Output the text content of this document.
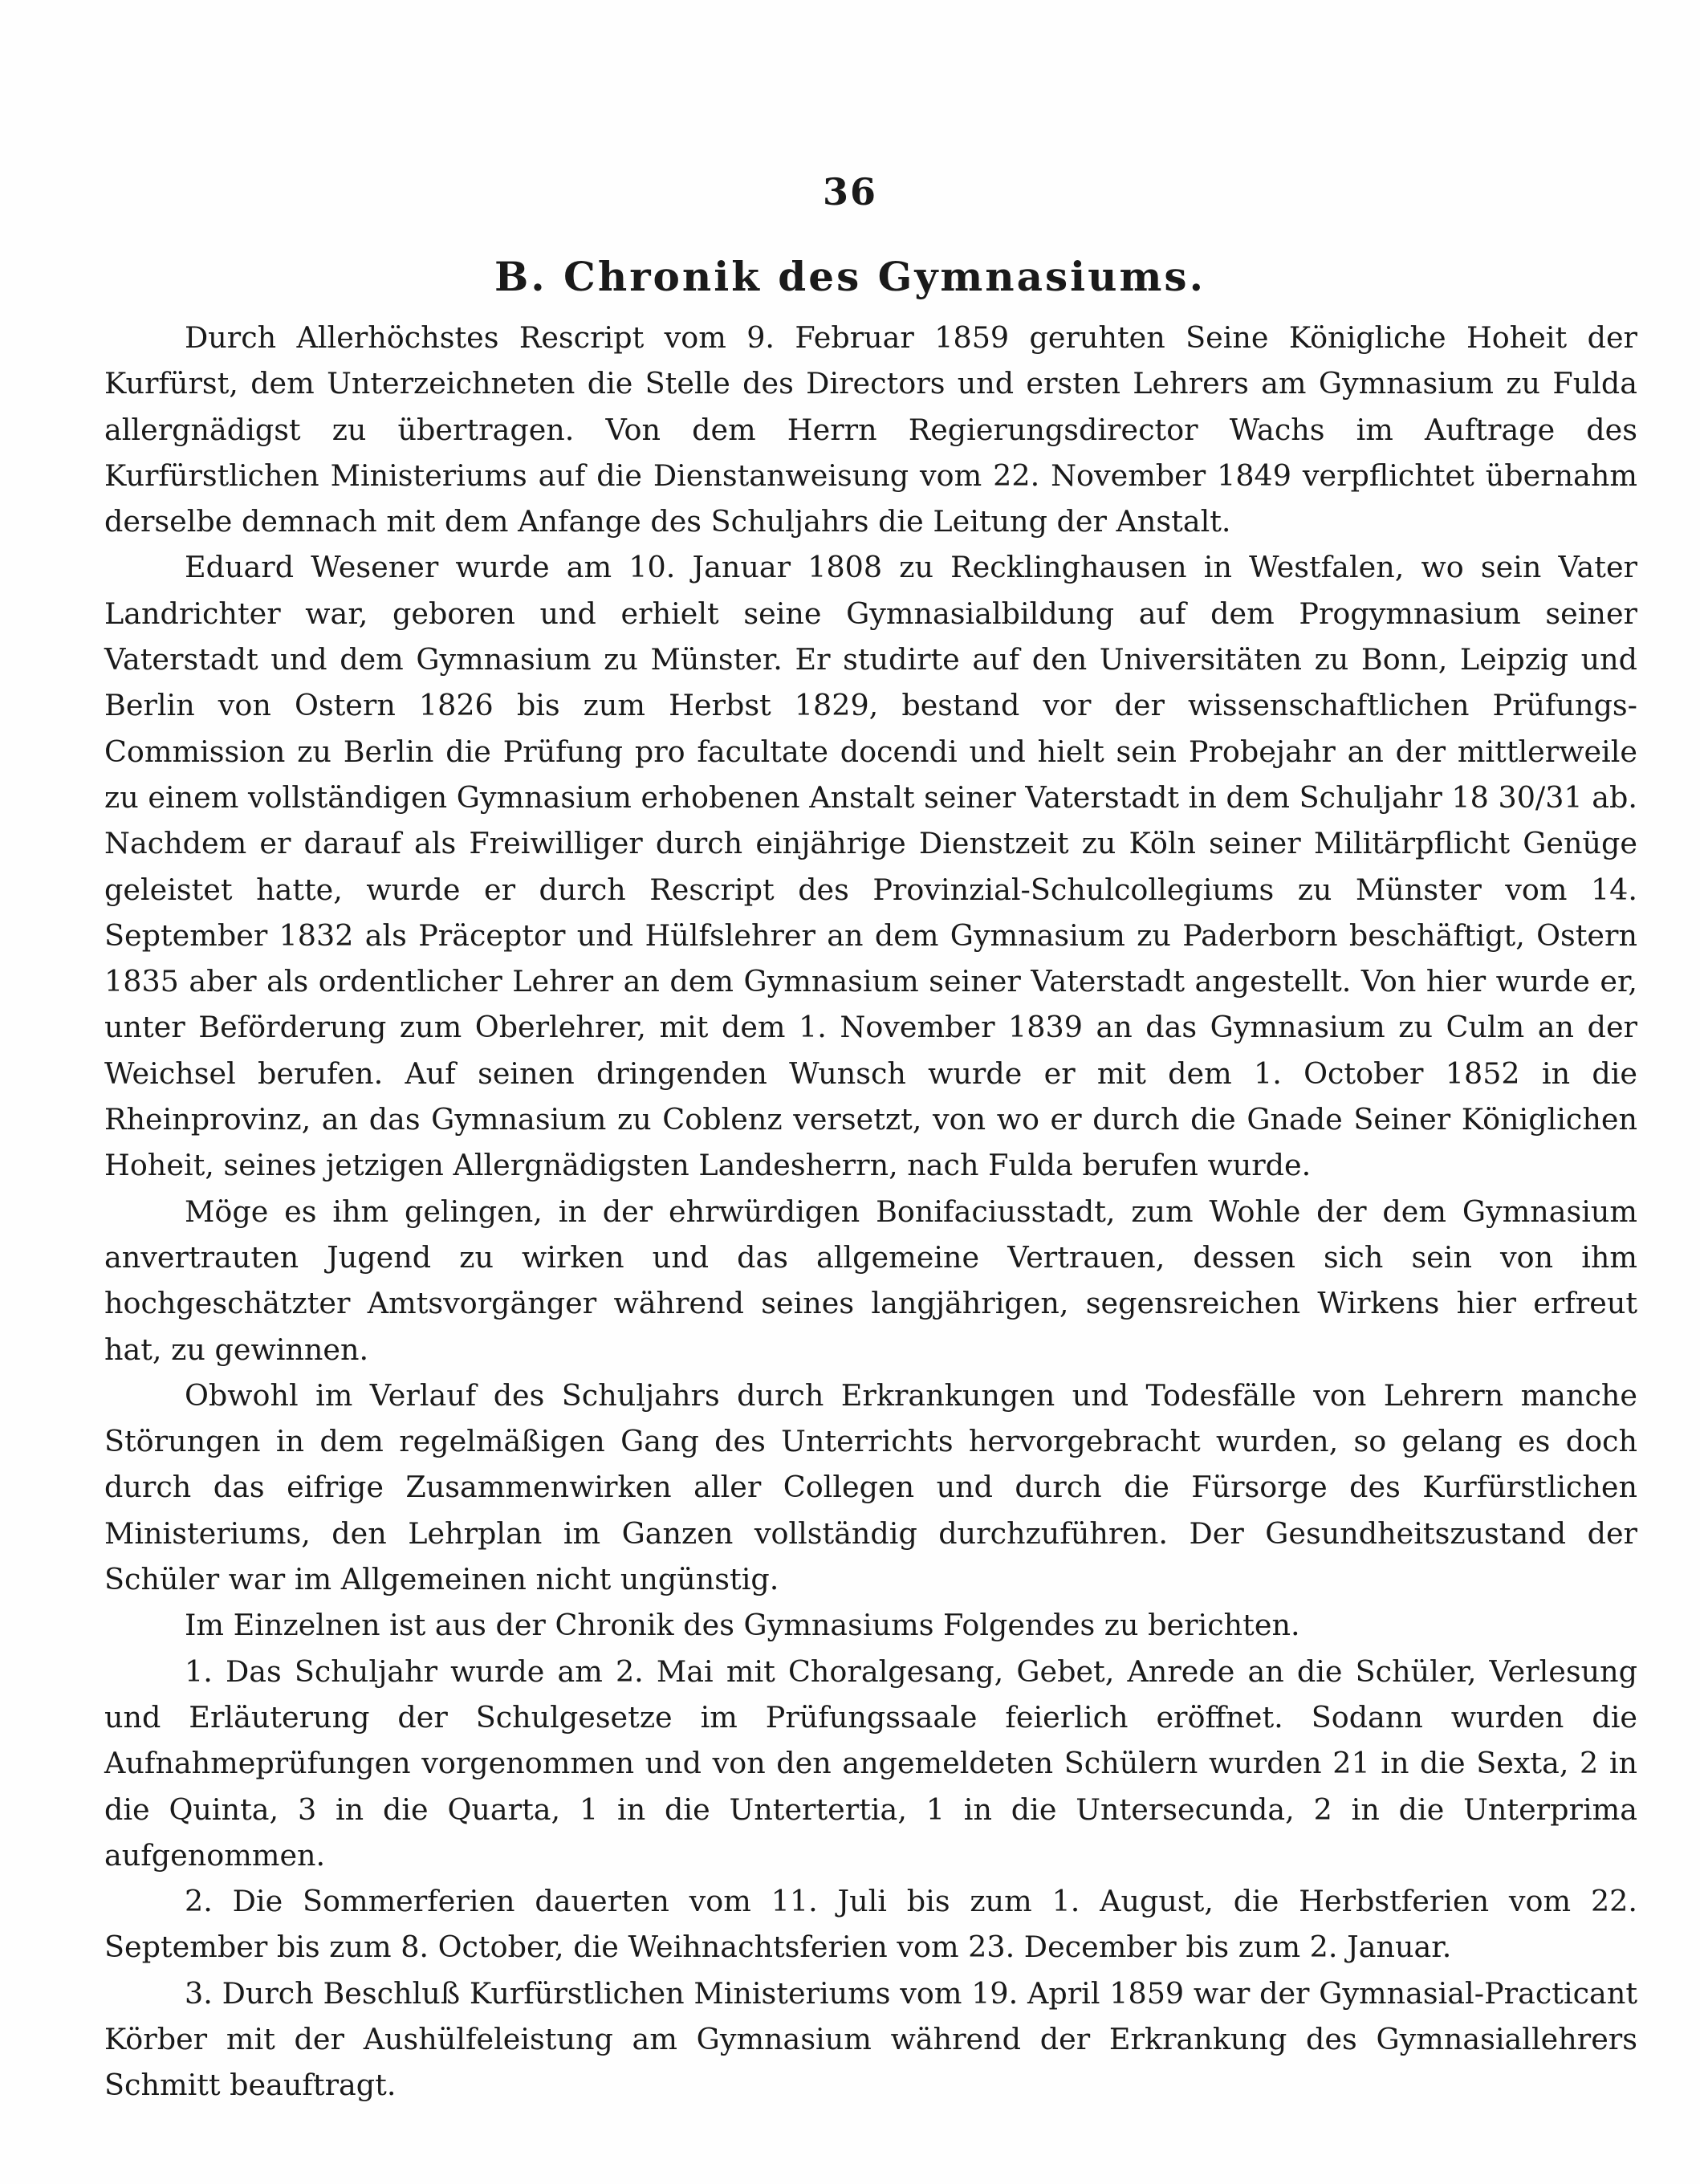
36
B. Chronik des Gymnasiums.

Durch Allerhöchstes Rescript vom 9. Februar 1859 geruhten Seine Königliche Hoheit der Kurfürst, dem Unterzeichneten die Stelle des Directors und ersten Lehrers am Gymnasium zu Fulda allergnädigst zu übertragen. Von dem Herrn Regierungsdirector Wachs im Auftrage des Kurfürstlichen Ministeriums auf die Dienstanweisung vom 22. November 1849 verpflichtet übernahm derselbe demnach mit dem Anfange des Schuljahrs die Leitung der Anstalt.

Eduard Wesener wurde am 10. Januar 1808 zu Recklinghausen in Westfalen, wo sein Vater Landrichter war, geboren und erhielt seine Gymnasialbildung auf dem Progymnasium seiner Vaterstadt und dem Gymnasium zu Münster. Er studirte auf den Universitäten zu Bonn, Leipzig und Berlin von Ostern 1826 bis zum Herbst 1829, bestand vor der wissenschaftlichen Prüfungs-Commission zu Berlin die Prüfung pro facultate docendi und hielt sein Probejahr an der mittlerweile zu einem vollständigen Gymnasium erhobenen Anstalt seiner Vaterstadt in dem Schuljahr 18 30/31 ab. Nachdem er darauf als Freiwilliger durch einjährige Dienstzeit zu Köln seiner Militärpflicht Genüge geleistet hatte, wurde er durch Rescript des Provinzial-Schulcollegiums zu Münster vom 14. September 1832 als Präceptor und Hülfslehrer an dem Gymnasium zu Paderborn beschäftigt, Ostern 1835 aber als ordentlicher Lehrer an dem Gymnasium seiner Vaterstadt angestellt. Von hier wurde er, unter Beförderung zum Oberlehrer, mit dem 1. November 1839 an das Gymnasium zu Culm an der Weichsel berufen. Auf seinen dringenden Wunsch wurde er mit dem 1. October 1852 in die Rheinprovinz, an das Gymnasium zu Coblenz versetzt, von wo er durch die Gnade Seiner Königlichen Hoheit, seines jetzigen Allergnädigsten Landesherrn, nach Fulda berufen wurde.

Möge es ihm gelingen, in der ehrwürdigen Bonifaciusstadt, zum Wohle der dem Gymnasium anvertrauten Jugend zu wirken und das allgemeine Vertrauen, dessen sich sein von ihm hochgeschätzter Amtsvorgänger während seines langjährigen, segensreichen Wirkens hier erfreut hat, zu gewinnen.

Obwohl im Verlauf des Schuljahrs durch Erkrankungen und Todesfälle von Lehrern manche Störungen in dem regelmäßigen Gang des Unterrichts hervorgebracht wurden, so gelang es doch durch das eifrige Zusammenwirken aller Collegen und durch die Fürsorge des Kurfürstlichen Ministeriums, den Lehrplan im Ganzen vollständig durchzuführen. Der Gesundheitszustand der Schüler war im Allgemeinen nicht ungünstig.

Im Einzelnen ist aus der Chronik des Gymnasiums Folgendes zu berichten.

1. Das Schuljahr wurde am 2. Mai mit Choralgesang, Gebet, Anrede an die Schüler, Verlesung und Erläuterung der Schulgesetze im Prüfungssaale feierlich eröffnet. Sodann wurden die Aufnahmeprüfungen vorgenommen und von den angemeldeten Schülern wurden 21 in die Sexta, 2 in die Quinta, 3 in die Quarta, 1 in die Untertertia, 1 in die Untersecunda, 2 in die Unterprima aufgenommen.

2. Die Sommerferien dauerten vom 11. Juli bis zum 1. August, die Herbstferien vom 22. September bis zum 8. October, die Weihnachtsferien vom 23. December bis zum 2. Januar.

3. Durch Beschluß Kurfürstlichen Ministeriums vom 19. April 1859 war der Gymnasial-Practicant Körber mit der Aushülfeleistung am Gymnasium während der Erkrankung des Gymnasiallehrers Schmitt beauftragt.
